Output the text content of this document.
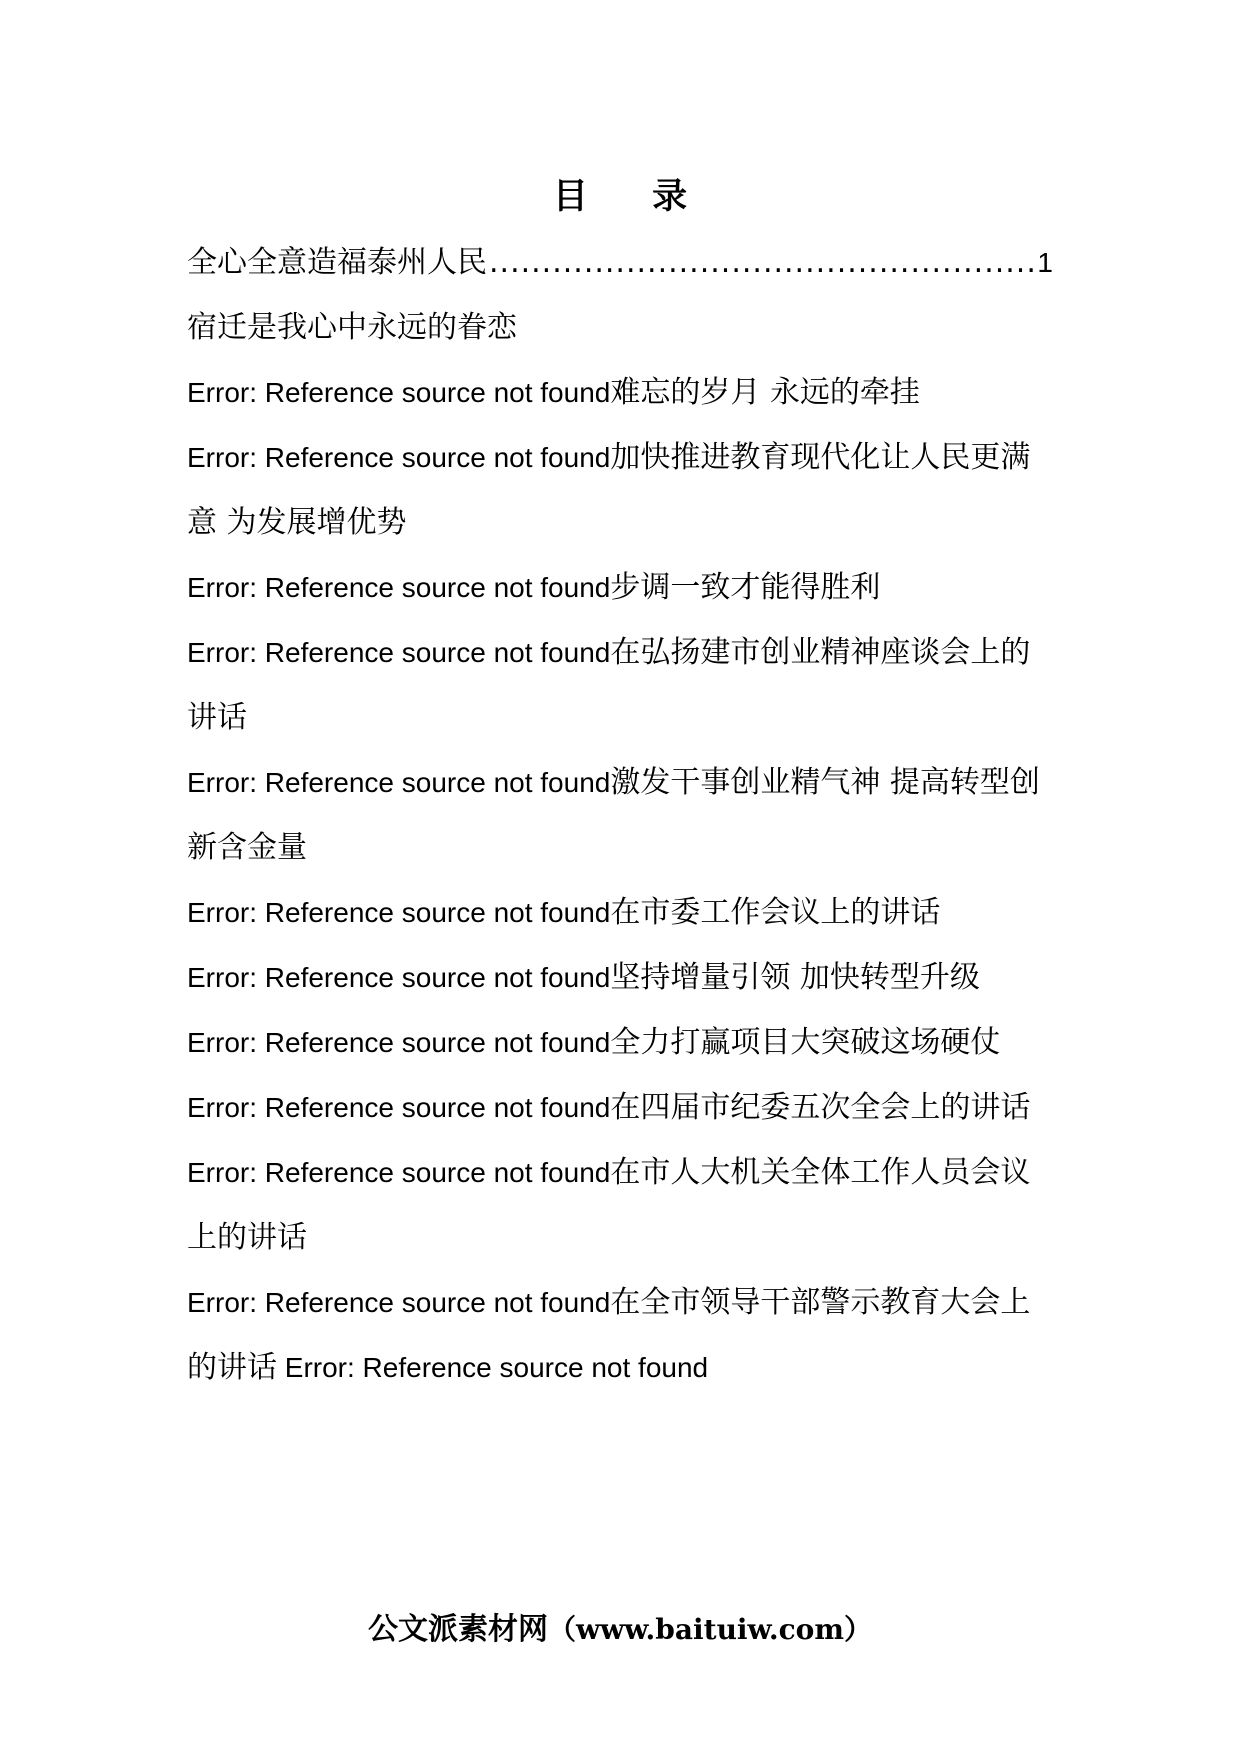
目 录
全心全意造福泰州人民
.....	1

宿迁是我心中永远的眷恋

Error: Reference source not found难忘的岁月 永远的牵挂

Error: Reference source not found加快推进教育现代化让人民更满意 为发展增优势

Error: Reference source not found步调一致才能得胜利

Error: Reference source not found在弘扬建市创业精神座谈会上的讲话

Error: Reference source not found激发干事创业精气神 提高转型创新含金量

Error: Reference source not found在市委工作会议上的讲话

Error: Reference source not found坚持增量引领 加快转型升级

Error: Reference source not found全力打赢项目大突破这场硬仗

Error: Reference source not found在四届市纪委五次全会上的讲话

Error: Reference source not found在市人大机关全体工作人员会议上的讲话

Error: Reference source not found在全市领导干部警示教育大会上的讲话 Error: Reference source not found

公文派素材网（www.baituiw.com）
